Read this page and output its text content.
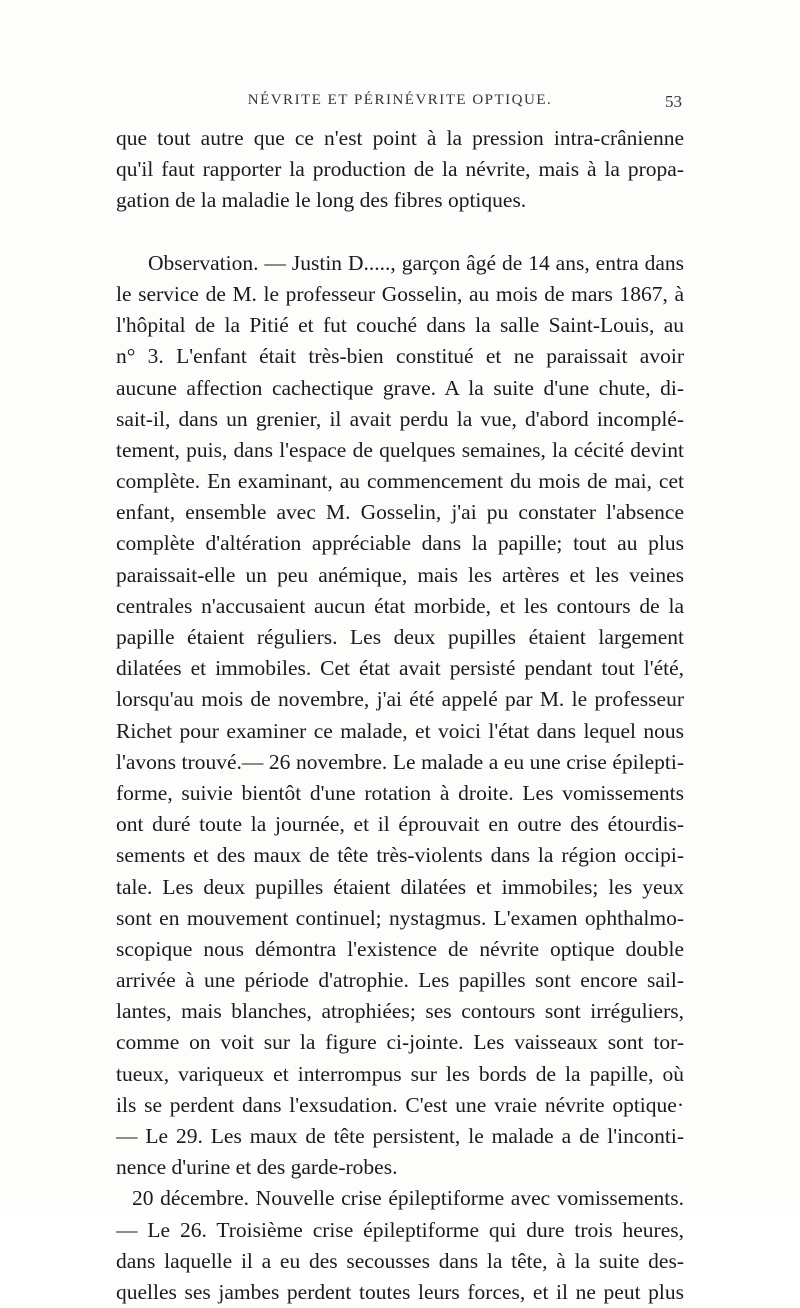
NÉVRITE ET PÉRINÉVRITE OPTIQUE.	53
que tout autre que ce n'est point à la pression intra-crânienne
qu'il faut rapporter la production de la névrite, mais à la propa-
gation de la maladie le long des fibres optiques.
Observation. — Justin D....., garçon âgé de 14 ans, entra dans
le service de M. le professeur Gosselin, au mois de mars 1867, à
l'hôpital de la Pitié et fut couché dans la salle Saint-Louis, au
n° 3. L'enfant était très-bien constitué et ne paraissait avoir
aucune affection cachectique grave. A la suite d'une chute, di-
sait-il, dans un grenier, il avait perdu la vue, d'abord incomplé-
tement, puis, dans l'espace de quelques semaines, la cécité devint
complète. En examinant, au commencement du mois de mai, cet
enfant, ensemble avec M. Gosselin, j'ai pu constater l'absence
complète d'altération appréciable dans la papille; tout au plus
paraissait-elle un peu anémique, mais les artères et les veines
centrales n'accusaient aucun état morbide, et les contours de la
papille étaient réguliers. Les deux pupilles étaient largement
dilatées et immobiles. Cet état avait persisté pendant tout l'été,
lorsqu'au mois de novembre, j'ai été appelé par M. le professeur
Richet pour examiner ce malade, et voici l'état dans lequel nous
l'avons trouvé.— 26 novembre. Le malade a eu une crise épilepti-
forme, suivie bientôt d'une rotation à droite. Les vomissements
ont duré toute la journée, et il éprouvait en outre des étourdis-
sements et des maux de tête très-violents dans la région occipi-
tale. Les deux pupilles étaient dilatées et immobiles; les yeux
sont en mouvement continuel; nystagmus. L'examen ophthalmo-
scopique nous démontra l'existence de névrite optique double
arrivée à une période d'atrophie. Les papilles sont encore sail-
lantes, mais blanches, atrophiées; ses contours sont irréguliers,
comme on voit sur la figure ci-jointe. Les vaisseaux sont tor-
tueux, variqueux et interrompus sur les bords de la papille, où
ils se perdent dans l'exsudation. C'est une vraie névrite optique·
— Le 29. Les maux de tête persistent, le malade a de l'inconti-
nence d'urine et des garde-robes.
20 décembre. Nouvelle crise épileptiforme avec vomissements.
— Le 26. Troisième crise épileptiforme qui dure trois heures,
dans laquelle il a eu des secousses dans la tête, à la suite des-
quelles ses jambes perdent toutes leurs forces, et il ne peut plus
